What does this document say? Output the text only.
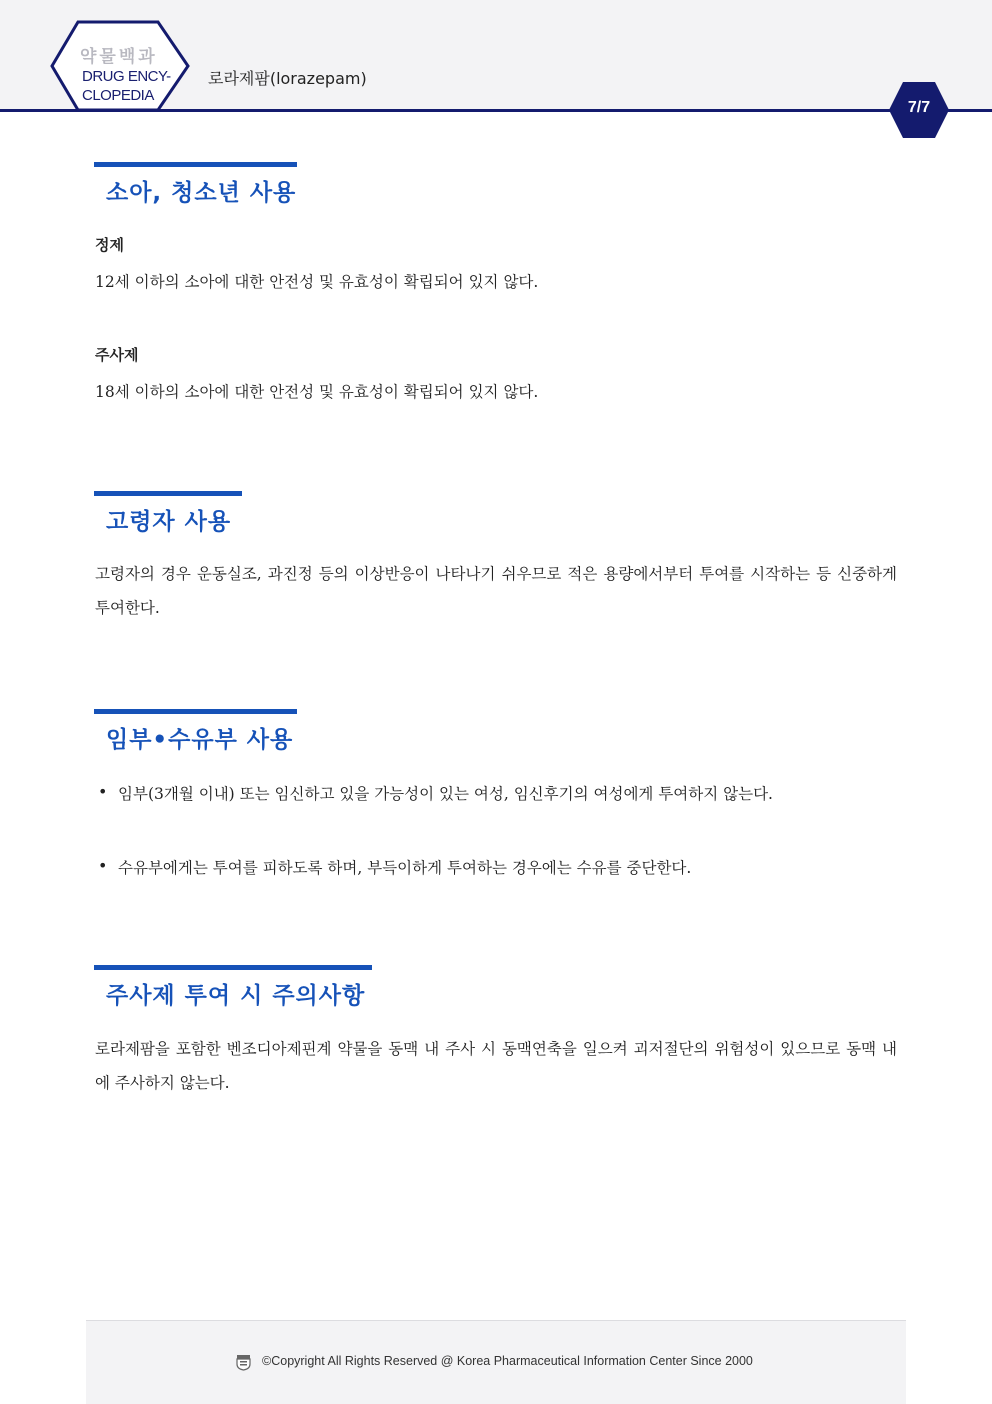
약물백과
DRUG ENCY-
CLOPEDIA
로라제팜(lorazepam)
7/7
소아, 청소년 사용
정제
12세 이하의 소아에 대한 안전성 및 유효성이 확립되어 있지 않다.
주사제
18세 이하의 소아에 대한 안전성 및 유효성이 확립되어 있지 않다.
고령자 사용
고령자의 경우 운동실조, 과진정 등의 이상반응이 나타나기 쉬우므로 적은 용량에서부터 투여를 시작하는 등 신중하게 투여한다.
임부•수유부 사용
• 임부(3개월 이내) 또는 임신하고 있을 가능성이 있는 여성, 임신후기의 여성에게 투여하지 않는다.
• 수유부에게는 투여를 피하도록 하며, 부득이하게 투여하는 경우에는 수유를 중단한다.
주사제 투여 시 주의사항
로라제팜을 포함한 벤조디아제핀계 약물을 동맥 내 주사 시 동맥연축을 일으켜 괴저절단의 위험성이 있으므로 동맥 내에 주사하지 않는다.
©Copyright All Rights Reserved @ Korea Pharmaceutical Information Center Since 2000
